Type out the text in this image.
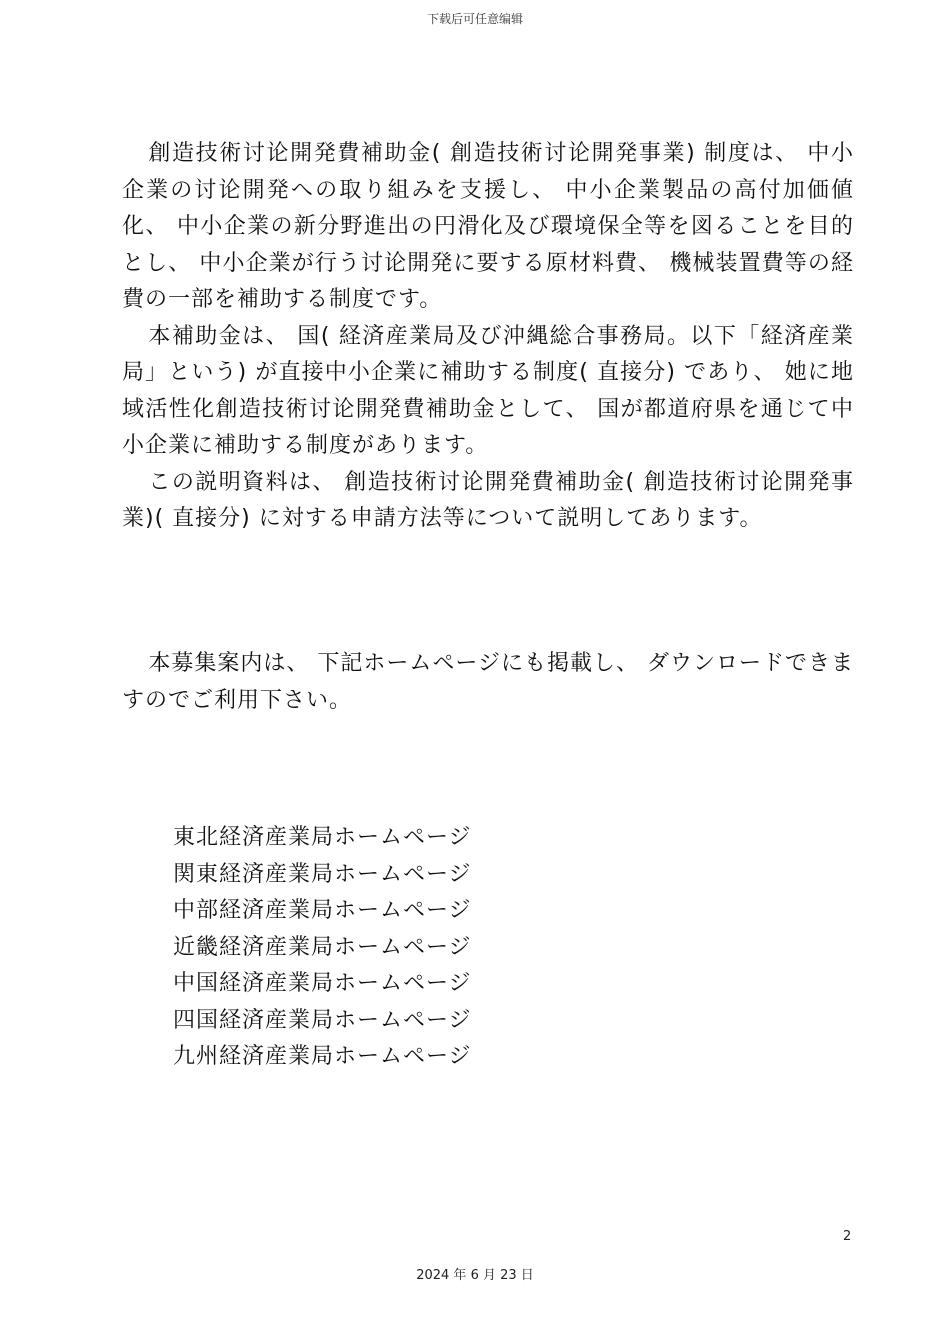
下载后可任意编辑

創造技術讨论開発費補助金( 創造技術讨论開発事業) 制度は、 中小企業の讨论開発への取り組みを支援し、 中小企業製品の高付加価値化、 中小企業の新分野進出の円滑化及び環境保全等を図ることを目的とし、 中小企業が行う讨论開発に要する原材料費、 機械装置費等の経費の一部を補助する制度です。

本補助金は、 国( 経済産業局及び沖縄総合事務局。以下「経済産業局」という) が直接中小企業に補助する制度( 直接分) であり、 她に地域活性化創造技術讨论開発費補助金として、 国が都道府県を通じて中小企業に補助する制度があります。

この説明資料は、 創造技術讨论開発費補助金( 創造技術讨论開発事業)( 直接分) に対する申請方法等について説明してあります。

本募集案内は、 下記ホームページにも掲載し、 ダウンロードできますのでご利用下さい。

東北経済産業局ホームページ
関東経済産業局ホームページ
中部経済産業局ホームページ
近畿経済産業局ホームページ
中国経済産業局ホームページ
四国経済産業局ホームページ
九州経済産業局ホームページ
2
2024 年 6 月 23 日
